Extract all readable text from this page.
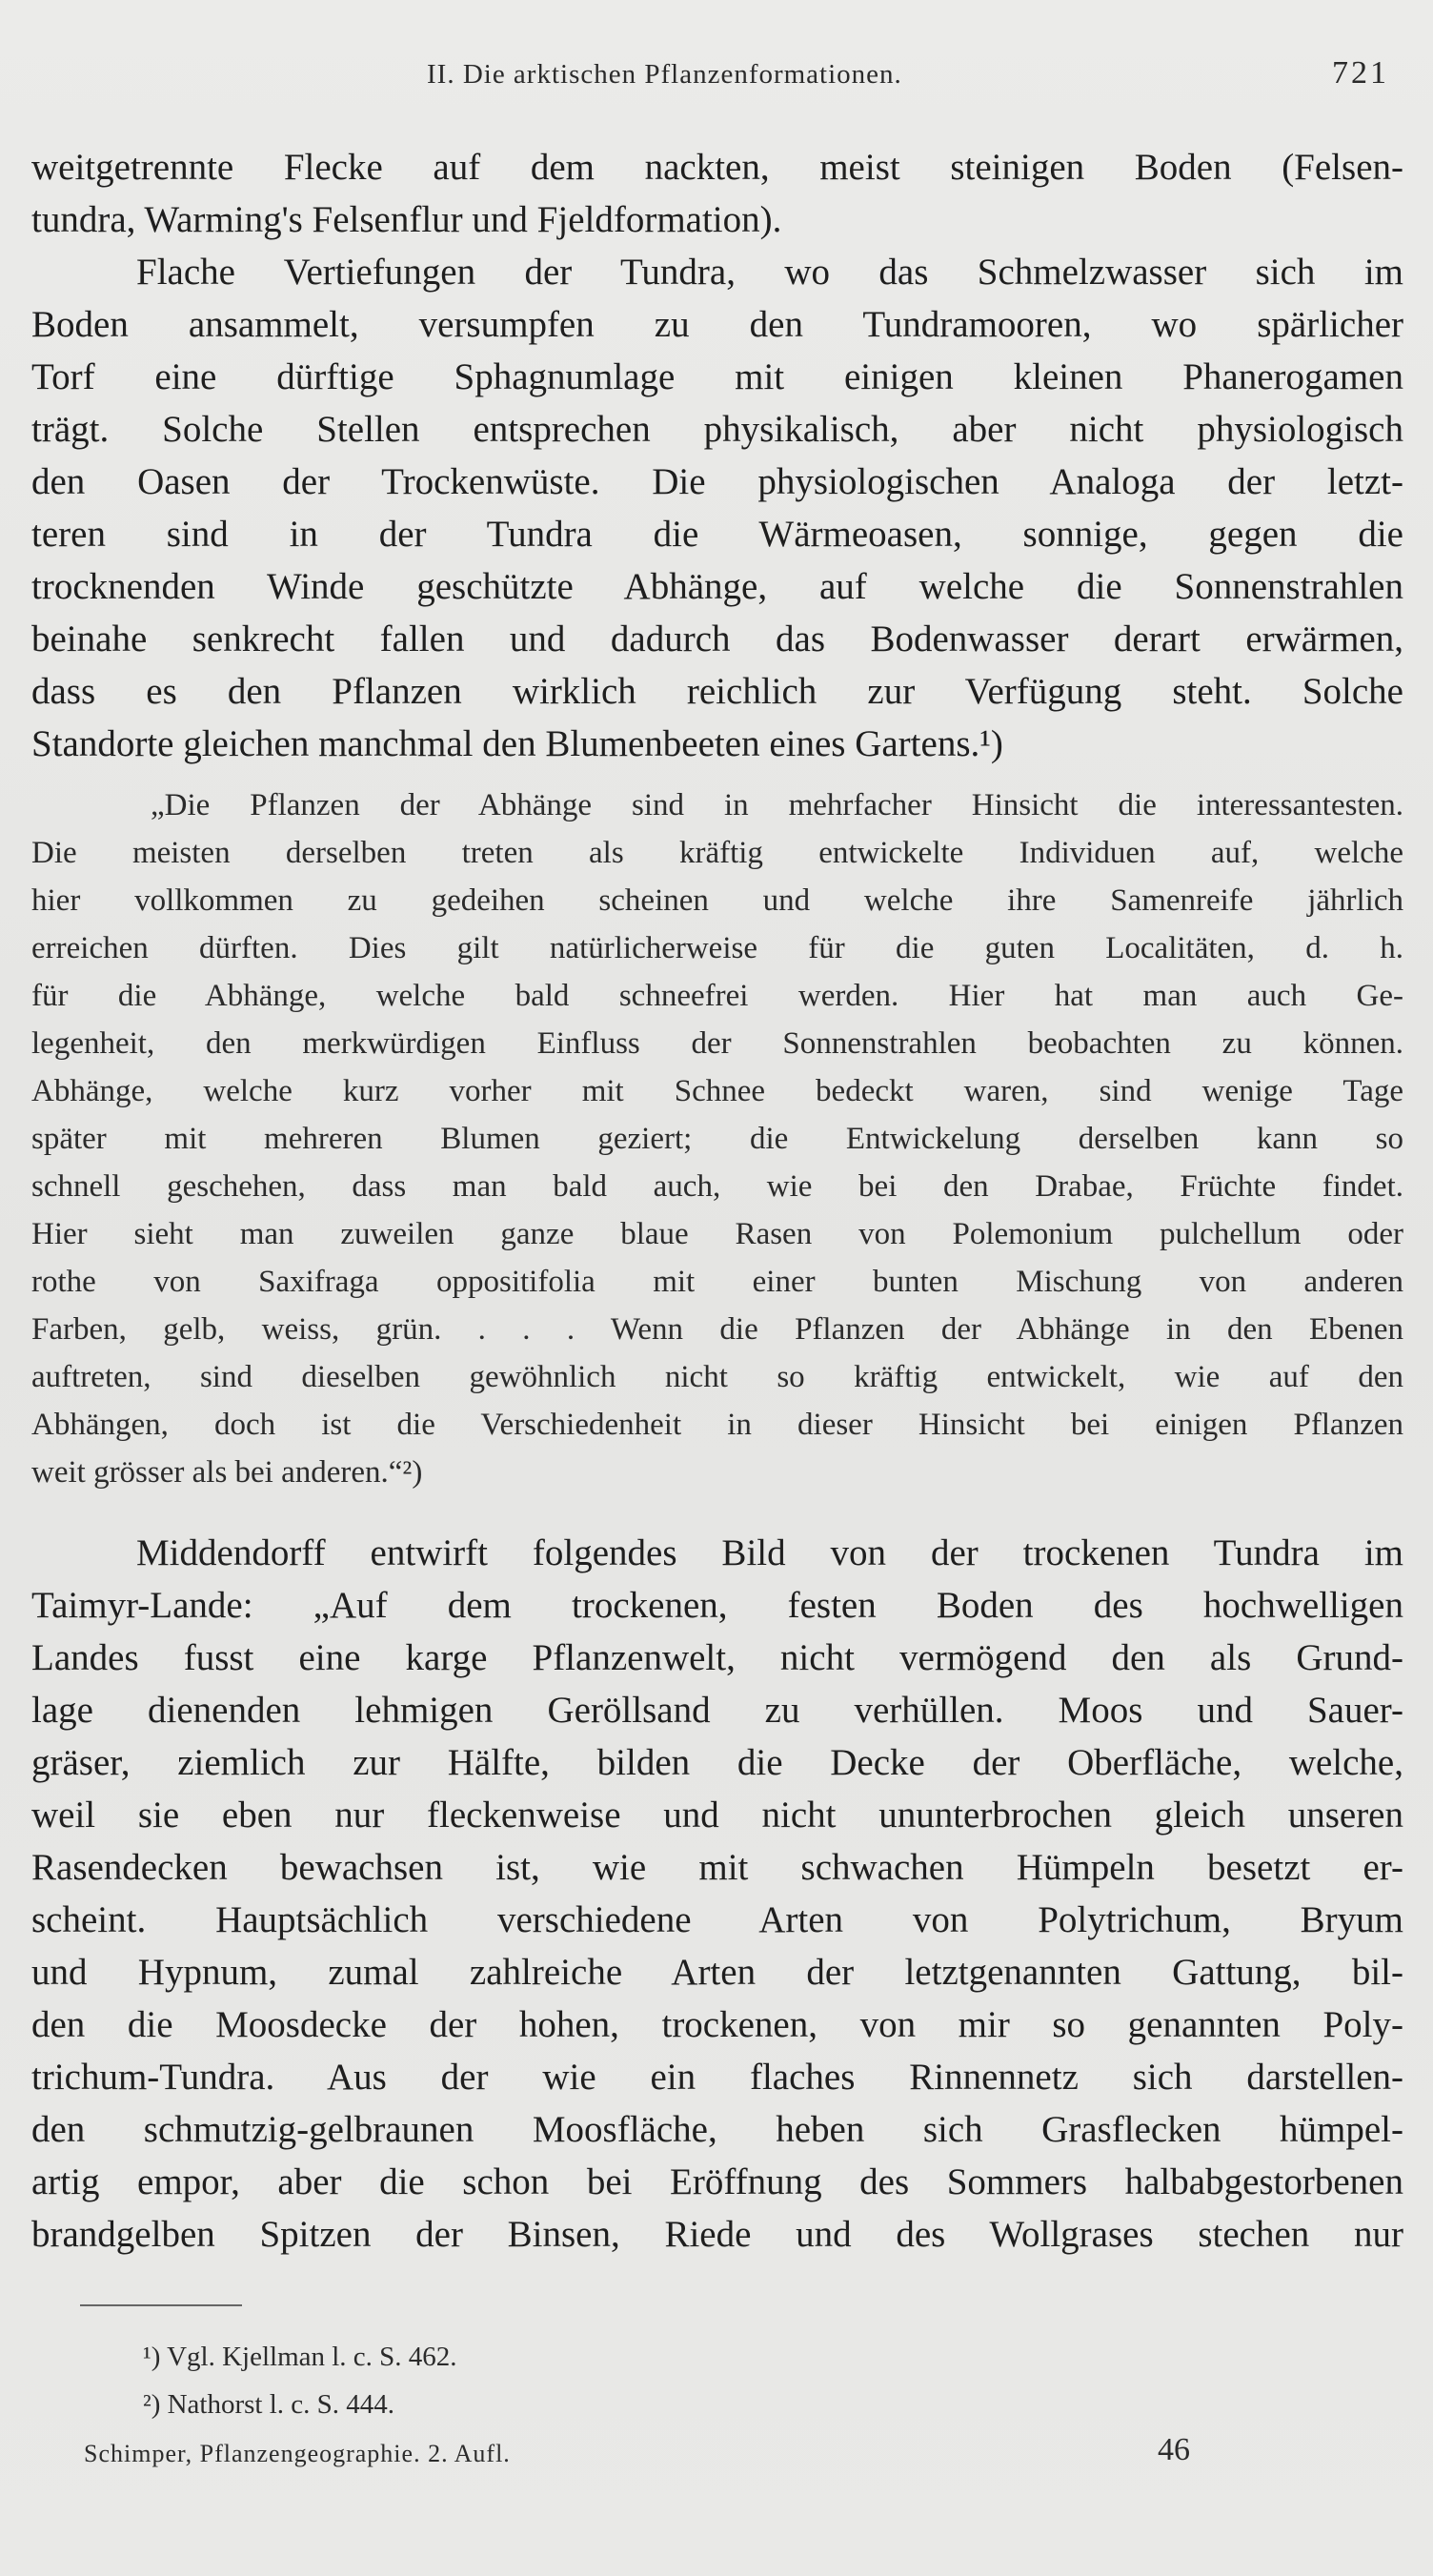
II. Die arktischen Pflanzenformationen.	721

weitgetrennte Flecke auf dem nackten, meist steinigen Boden (Felsen-
tundra, Warming's Felsenflur und Fjeldformation).

Flache Vertiefungen der Tundra, wo das Schmelzwasser sich im
Boden ansammelt, versumpfen zu den Tundramooren, wo spärlicher
Torf eine dürftige Sphagnumlage mit einigen kleinen Phanerogamen
trägt. Solche Stellen entsprechen physikalisch, aber nicht physiologisch
den Oasen der Trockenwüste. Die physiologischen Analoga der letzt-
teren sind in der Tundra die Wärmeoasen, sonnige, gegen die
trocknenden Winde geschützte Abhänge, auf welche die Sonnenstrahlen
beinahe senkrecht fallen und dadurch das Bodenwasser derart erwärmen,
dass es den Pflanzen wirklich reichlich zur Verfügung steht. Solche
Standorte gleichen manchmal den Blumenbeeten eines Gartens.¹)

„Die Pflanzen der Abhänge sind in mehrfacher Hinsicht die interessantesten.
Die meisten derselben treten als kräftig entwickelte Individuen auf, welche
hier vollkommen zu gedeihen scheinen und welche ihre Samenreife jährlich
erreichen dürften. Dies gilt natürlicherweise für die guten Localitäten, d. h.
für die Abhänge, welche bald schneefrei werden. Hier hat man auch Ge-
legenheit, den merkwürdigen Einfluss der Sonnenstrahlen beobachten zu können.
Abhänge, welche kurz vorher mit Schnee bedeckt waren, sind wenige Tage
später mit mehreren Blumen geziert; die Entwickelung derselben kann so
schnell geschehen, dass man bald auch, wie bei den Drabae, Früchte findet.
Hier sieht man zuweilen ganze blaue Rasen von Polemonium pulchellum oder
rothe von Saxifraga oppositifolia mit einer bunten Mischung von anderen
Farben, gelb, weiss, grün. . . . Wenn die Pflanzen der Abhänge in den Ebenen
auftreten, sind dieselben gewöhnlich nicht so kräftig entwickelt, wie auf den
Abhängen, doch ist die Verschiedenheit in dieser Hinsicht bei einigen Pflanzen
weit grösser als bei anderen.“²)

Middendorff entwirft folgendes Bild von der trockenen Tundra im
Taimyr-Lande: „Auf dem trockenen, festen Boden des hochwelligen
Landes fusst eine karge Pflanzenwelt, nicht vermögend den als Grund-
lage dienenden lehmigen Geröllsand zu verhüllen. Moos und Sauer-
gräser, ziemlich zur Hälfte, bilden die Decke der Oberfläche, welche,
weil sie eben nur fleckenweise und nicht ununterbrochen gleich unseren
Rasendecken bewachsen ist, wie mit schwachen Hümpeln besetzt er-
scheint. Hauptsächlich verschiedene Arten von Polytrichum, Bryum
und Hypnum, zumal zahlreiche Arten der letztgenannten Gattung, bil-
den die Moosdecke der hohen, trockenen, von mir so genannten Poly-
trichum-Tundra. Aus der wie ein flaches Rinnennetz sich darstellen-
den schmutzig-gelbraunen Moosfläche, heben sich Grasflecken hümpel-
artig empor, aber die schon bei Eröffnung des Sommers halbabgestorbenen
brandgelben Spitzen der Binsen, Riede und des Wollgrases stechen nur

¹) Vgl. Kjellman l. c. S. 462.
²) Nathorst l. c. S. 444.
Schimper, Pflanzengeographie. 2. Aufl.	46
